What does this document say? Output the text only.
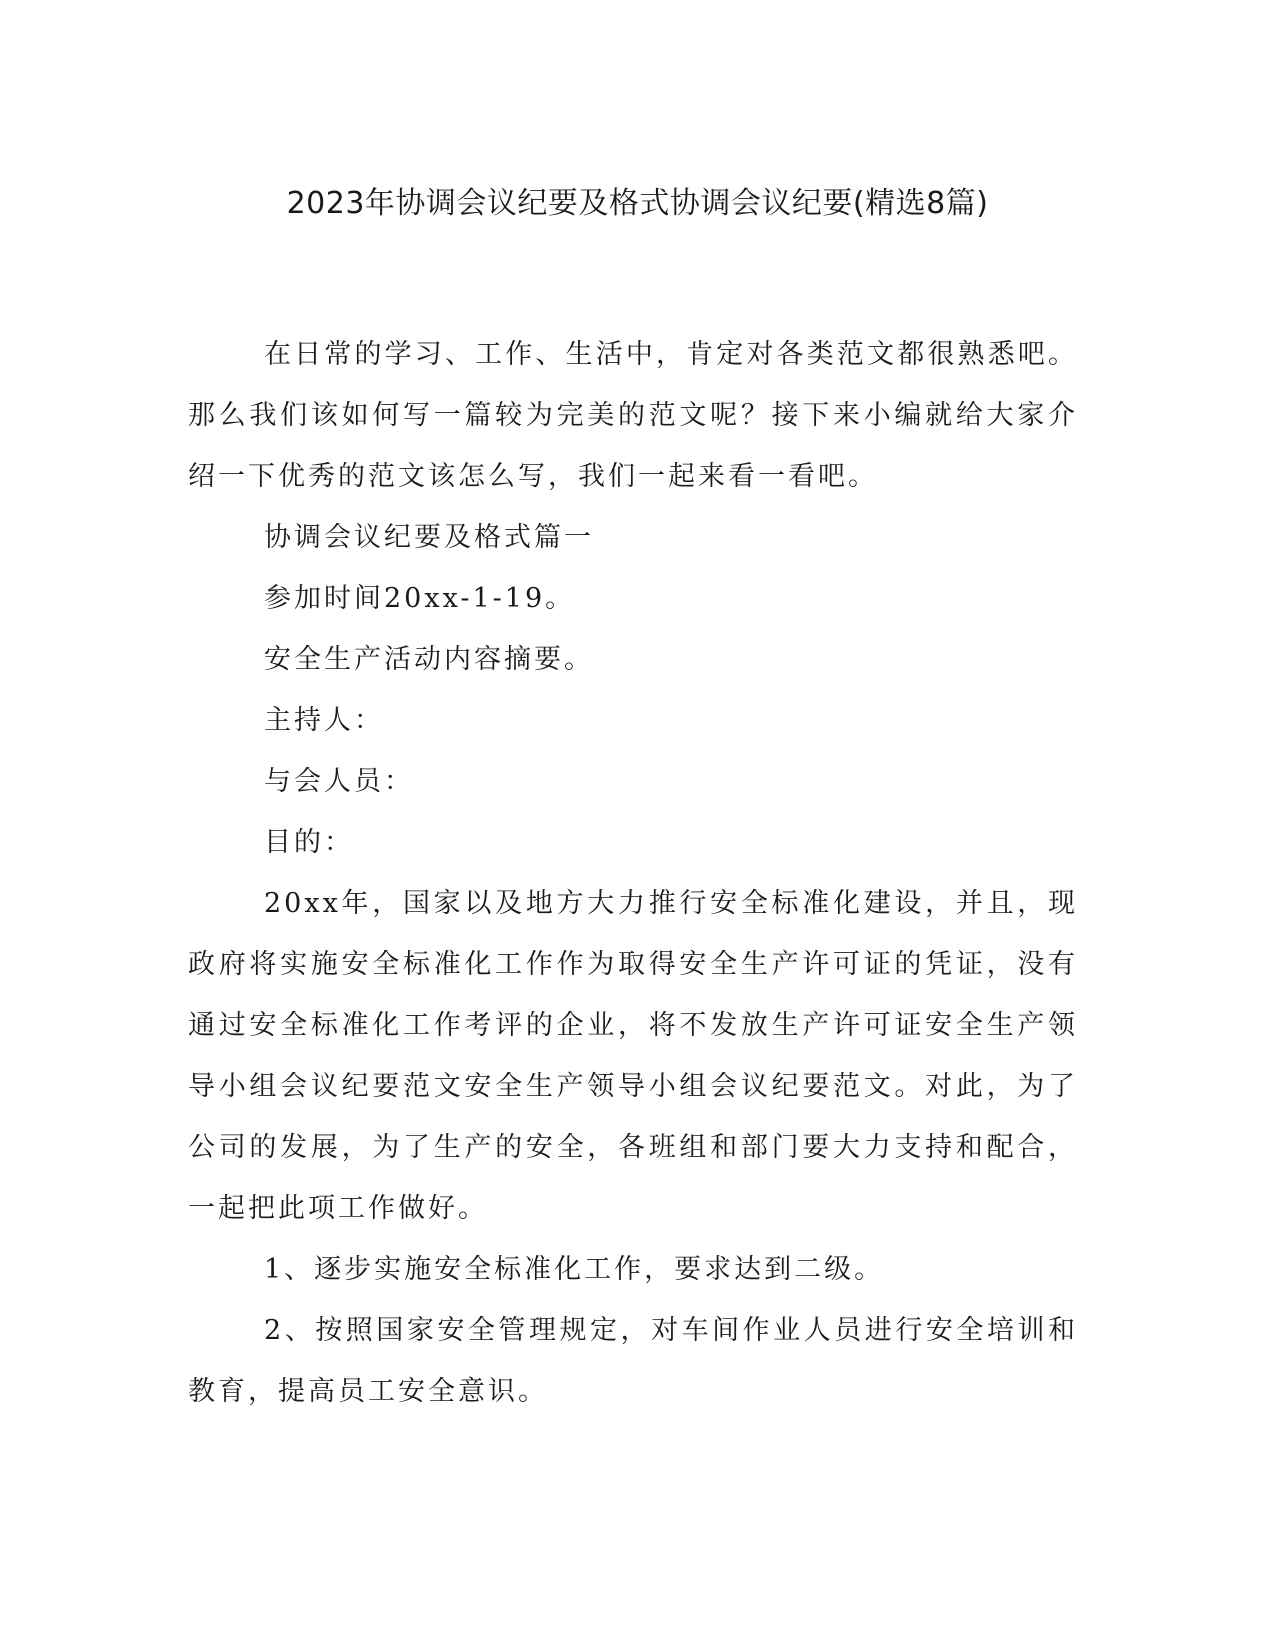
2023年协调会议纪要及格式协调会议纪要(精选8篇)

在日常的学习、工作、生活中，肯定对各类范文都很熟悉吧。那么我们该如何写一篇较为完美的范文呢？接下来小编就给大家介绍一下优秀的范文该怎么写，我们一起来看一看吧。

协调会议纪要及格式篇一

参加时间20xx-1-19。

安全生产活动内容摘要。

主持人：

与会人员：

目的：

20xx年，国家以及地方大力推行安全标准化建设，并且，现政府将实施安全标准化工作作为取得安全生产许可证的凭证，没有通过安全标准化工作考评的企业，将不发放生产许可证安全生产领导小组会议纪要范文安全生产领导小组会议纪要范文。对此，为了公司的发展，为了生产的安全，各班组和部门要大力支持和配合，一起把此项工作做好。

1、逐步实施安全标准化工作，要求达到二级。

2、按照国家安全管理规定，对车间作业人员进行安全培训和教育，提高员工安全意识。
